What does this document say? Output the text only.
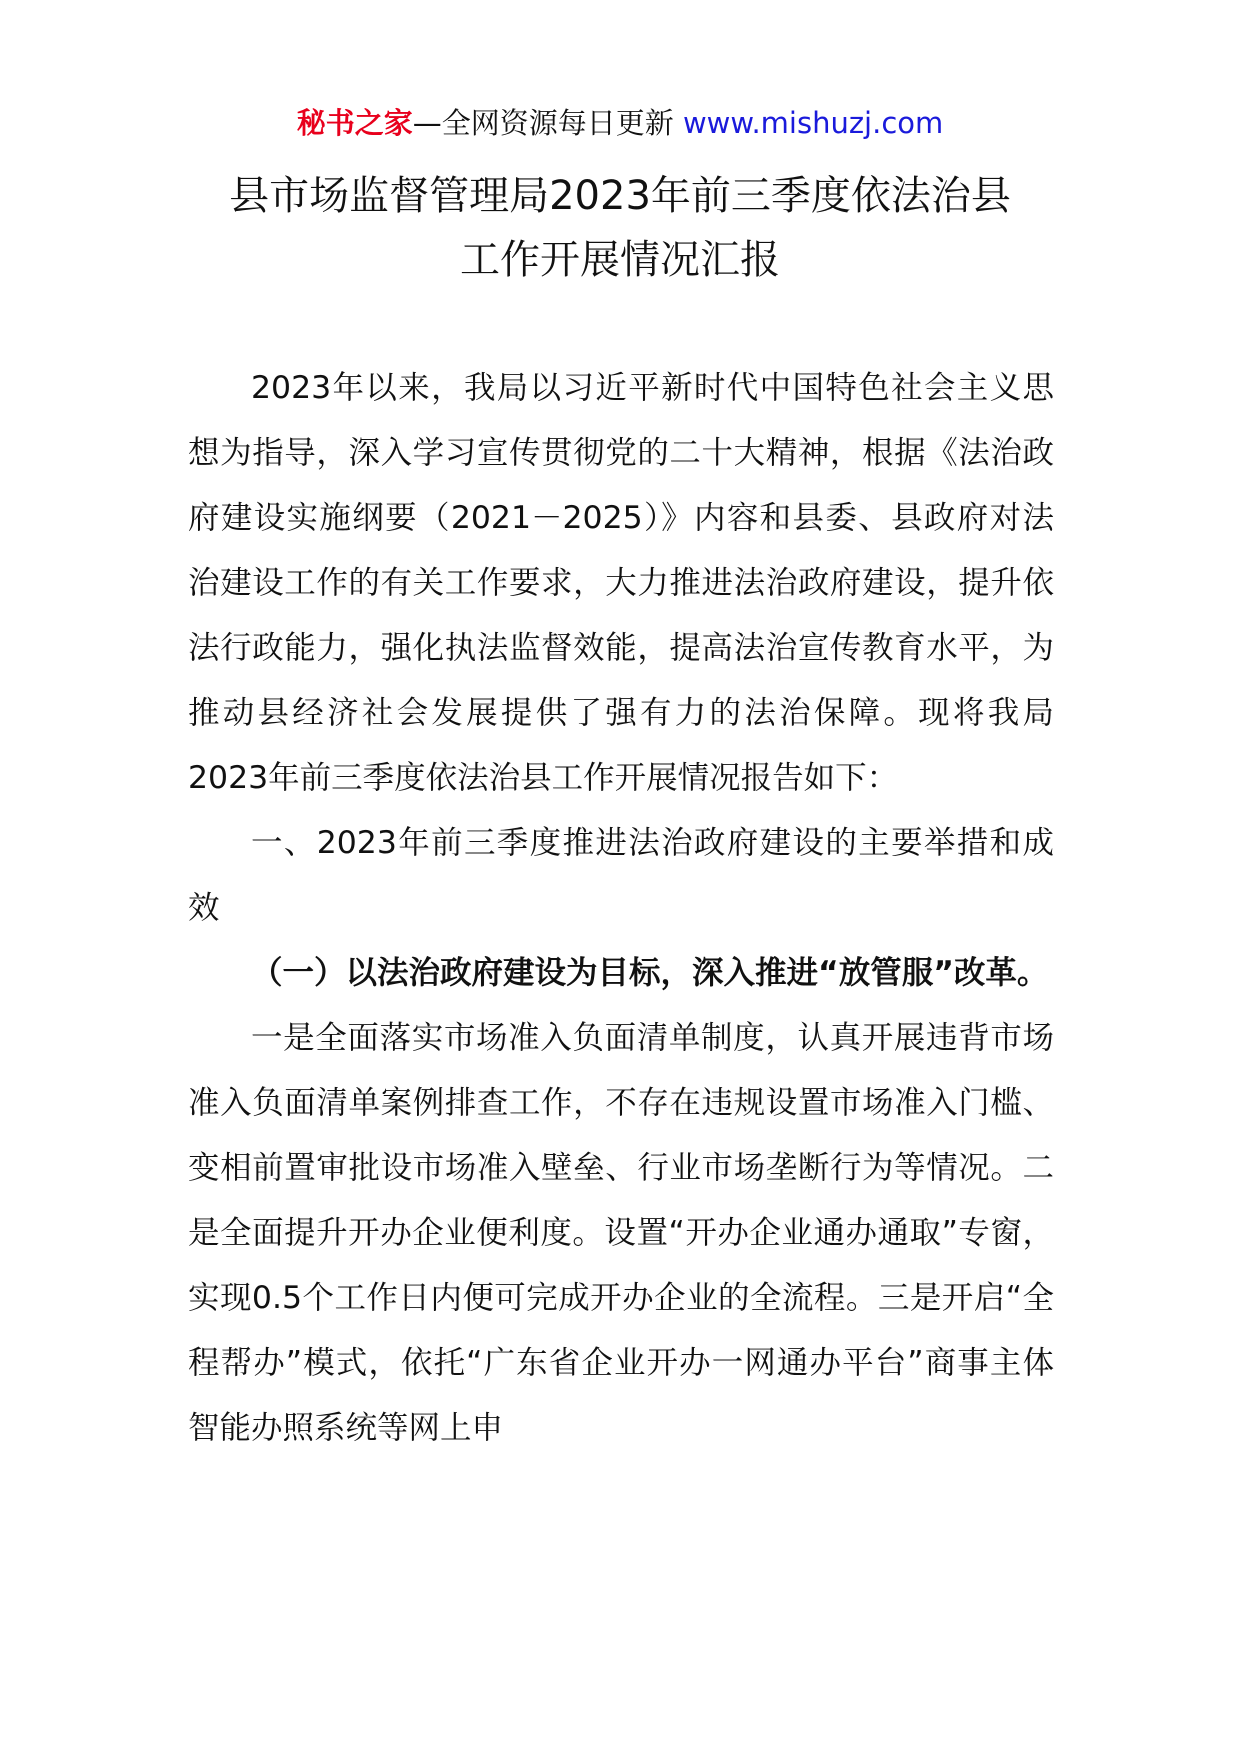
秘书之家—全网资源每日更新 www.mishuzj.com
县市场监督管理局2023年前三季度依法治县
工作开展情况汇报

2023年以来，我局以习近平新时代中国特色社会主义思想为指导，深入学习宣传贯彻党的二十大精神，根据《法治政府建设实施纲要（2021－2025）》内容和县委、县政府对法治建设工作的有关工作要求，大力推进法治政府建设，提升依法行政能力，强化执法监督效能，提高法治宣传教育水平，为推动县经济社会发展提供了强有力的法治保障。现将我局2023年前三季度依法治县工作开展情况报告如下：

一、2023年前三季度推进法治政府建设的主要举措和成效

（一）以法治政府建设为目标，深入推进“放管服”改革。

一是全面落实市场准入负面清单制度，认真开展违背市场准入负面清单案例排查工作，不存在违规设置市场准入门槛、变相前置审批设市场准入壁垒、行业市场垄断行为等情况。二是全面提升开办企业便利度。设置“开办企业通办通取”专窗，实现0.5个工作日内便可完成开办企业的全流程。三是开启“全程帮办”模式，依托“广东省企业开办一网通办平台”商事主体智能办照系统等网上申
